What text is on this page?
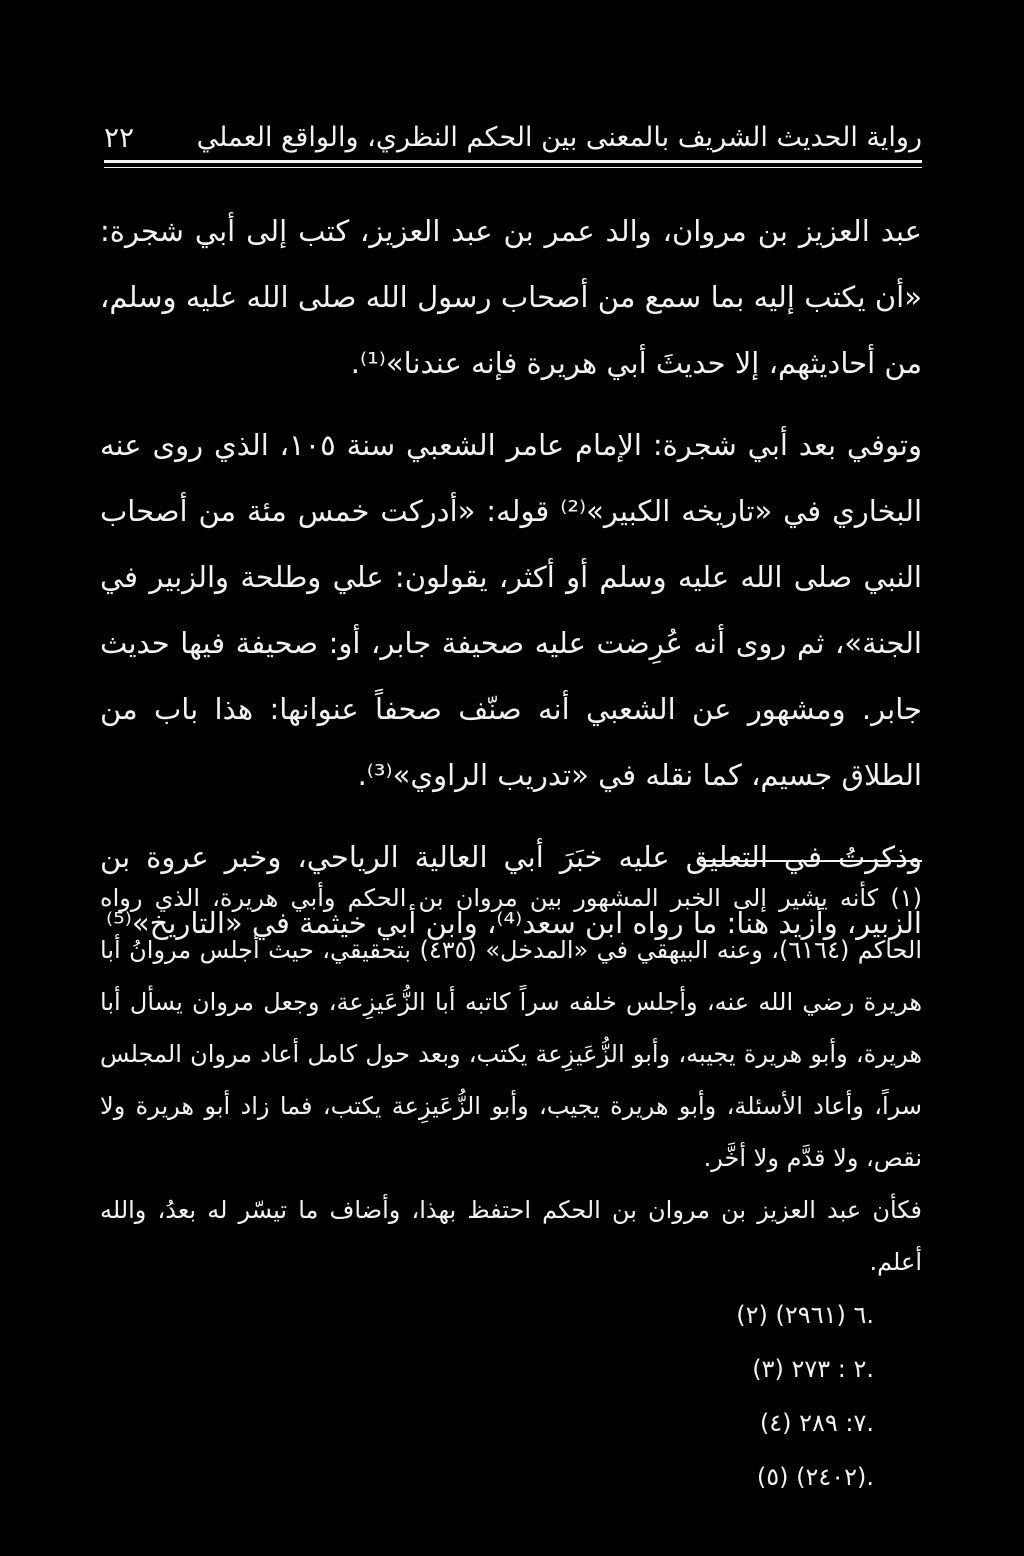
٢٢ رواية الحديث الشريف بالمعنى بين الحكم النظري، والواقع العملي

عبد العزيز بن مروان، والد عمر بن عبد العزيز، كتب إلى أبي شجرة: «أن يكتب إليه بما سمع من أصحاب رسول الله صلى الله عليه وسلم، من أحاديثهم، إلا حديثَ أبي هريرة فإنه عندنا»⁽¹⁾.

وتوفي بعد أبي شجرة: الإمام عامر الشعبي سنة ١٠٥، الذي روى عنه البخاري في «تاريخه الكبير»⁽²⁾ قوله: «أدركت خمس مئة من أصحاب النبي صلى الله عليه وسلم أو أكثر، يقولون: علي وطلحة والزبير في الجنة»، ثم روى أنه عُرِضت عليه صحيفة جابر، أو: صحيفة فيها حديث جابر. ومشهور عن الشعبي أنه صنّف صحفاً عنوانها: هذا باب من الطلاق جسيم، كما نقله في «تدريب الراوي»⁽³⁾.

وذكرتُ في التعليق عليه خبَرَ أبي العالية الرياحي، وخبر عروة بن الزبير، وأزيد هنا: ما رواه ابن سعد⁽⁴⁾، وابن أبي خيثمة في «التاريخ»⁽⁵⁾

(١) كأنه يشير إلى الخبر المشهور بين مروان بن الحكم وأبي هريرة، الذي رواه الحاكم (٦١٦٤)، وعنه البيهقي في «المدخل» (٤٣٥) بتحقيقي، حيث أجلس مروانُ أبا هريرة رضي الله عنه، وأجلس خلفه سراً كاتبه أبا الزُّعَيزِعة، وجعل مروان يسأل أبا هريرة، وأبو هريرة يجيبه، وأبو الزُّعَيزِعة يكتب، وبعد حول كامل أعاد مروان المجلس سراً، وأعاد الأسئلة، وأبو هريرة يجيب، وأبو الزُّعَيزِعة يكتب، فما زاد أبو هريرة ولا نقص، ولا قدَّم ولا أخَّر.

فكأن عبد العزيز بن مروان بن الحكم احتفظ بهذا، وأضاف ما تيسّر له بعدُ، والله أعلم.

(٢) ٦ (٢٩٦١).

(٣) ٢ : ٢٧٣.

(٤) ٧: ٢٨٩.

(٥) (٢٤٠٢).
